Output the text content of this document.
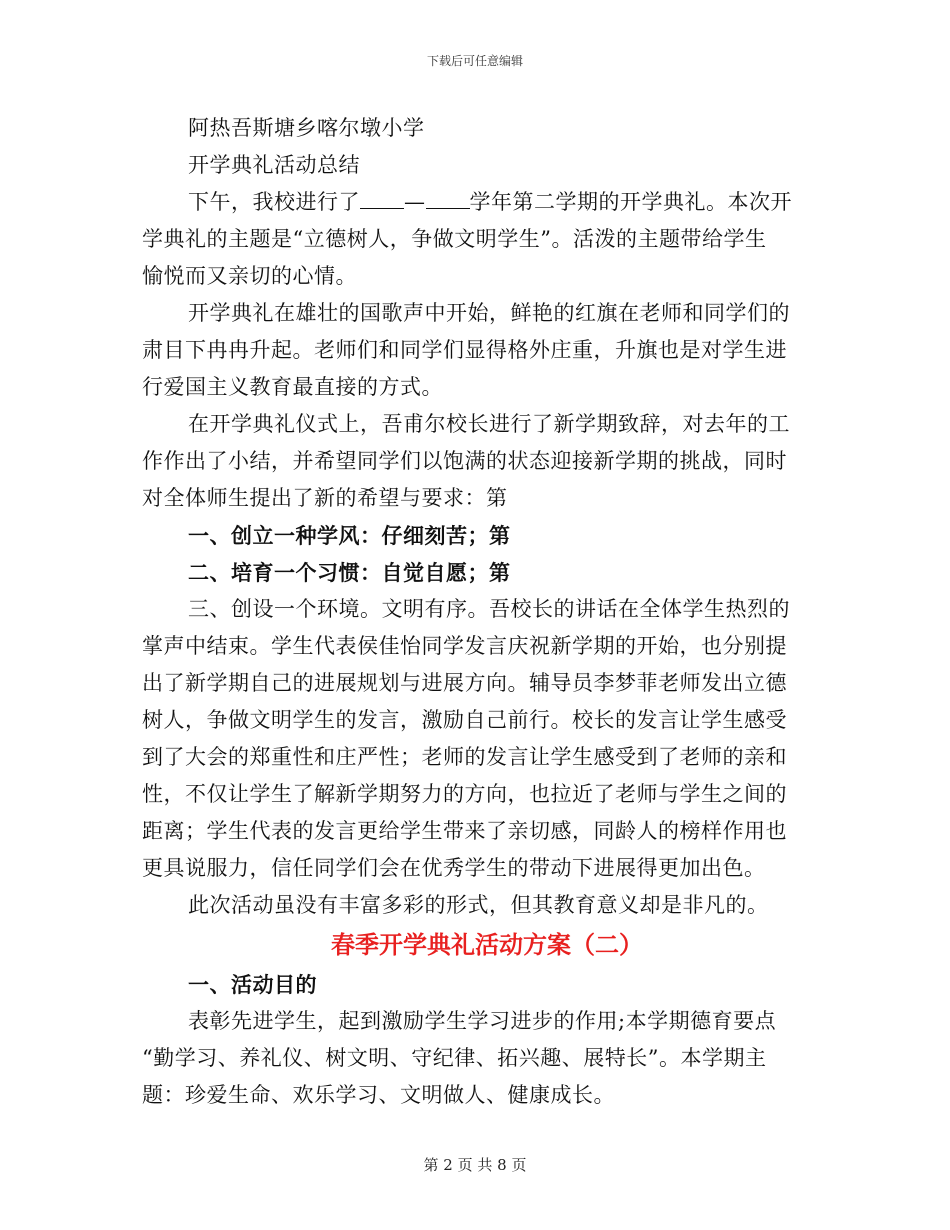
下载后可任意编辑
阿热吾斯塘乡喀尔墩小学
开学典礼活动总结
下午，我校进行了 — 学年第二学期的开学典礼。本次开
学典礼的主题是“立德树人，争做文明学生”。活泼的主题带给学生
愉悦而又亲切的心情。
开学典礼在雄壮的国歌声中开始，鲜艳的红旗在老师和同学们的
肃目下冉冉升起。老师们和同学们显得格外庄重，升旗也是对学生进
行爱国主义教育最直接的方式。
在开学典礼仪式上，吾甫尔校长进行了新学期致辞，对去年的工
作作出了小结，并希望同学们以饱满的状态迎接新学期的挑战，同时
对全体师生提出了新的希望与要求：第
一、创立一种学风：仔细刻苦；第
二、培育一个习惯：自觉自愿；第
三、创设一个环境。文明有序。吾校长的讲话在全体学生热烈的
掌声中结束。学生代表侯佳怡同学发言庆祝新学期的开始，也分别提
出了新学期自己的进展规划与进展方向。辅导员李梦菲老师发出立德
树人，争做文明学生的发言，激励自己前行。校长的发言让学生感受
到了大会的郑重性和庄严性；老师的发言让学生感受到了老师的亲和
性，不仅让学生了解新学期努力的方向，也拉近了老师与学生之间的
距离；学生代表的发言更给学生带来了亲切感，同龄人的榜样作用也
更具说服力，信任同学们会在优秀学生的带动下进展得更加出色。
此次活动虽没有丰富多彩的形式，但其教育意义却是非凡的。
春季开学典礼活动方案（二）
一、活动目的
表彰先进学生，起到激励学生学习进步的作用;本学期德育要点
“勤学习、养礼仪、树文明、守纪律、拓兴趣、展特长”。本学期主
题：珍爱生命、欢乐学习、文明做人、健康成长。
第 2 页 共 8 页
